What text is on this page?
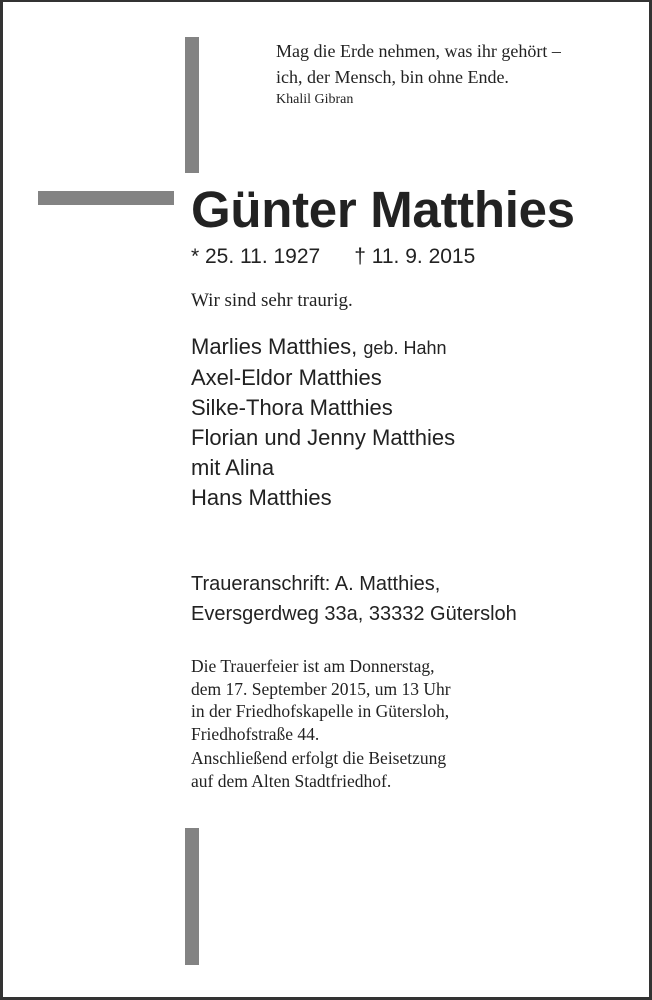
Mag die Erde nehmen, was ihr gehört –
ich, der Mensch, bin ohne Ende.
Khalil Gibran
Günter Matthies
* 25. 11. 1927 † 11. 9. 2015
Wir sind sehr traurig.
Marlies Matthies, geb. Hahn
Axel-Eldor Matthies
Silke-Thora Matthies
Florian und Jenny Matthies
mit Alina
Hans Matthies
Traueranschrift: A. Matthies,
Eversgerdweg 33a, 33332 Gütersloh
Die Trauerfeier ist am Donnerstag,
dem 17. September 2015, um 13 Uhr
in der Friedhofskapelle in Gütersloh,
Friedhofstraße 44.
Anschließend erfolgt die Beisetzung
auf dem Alten Stadtfriedhof.
